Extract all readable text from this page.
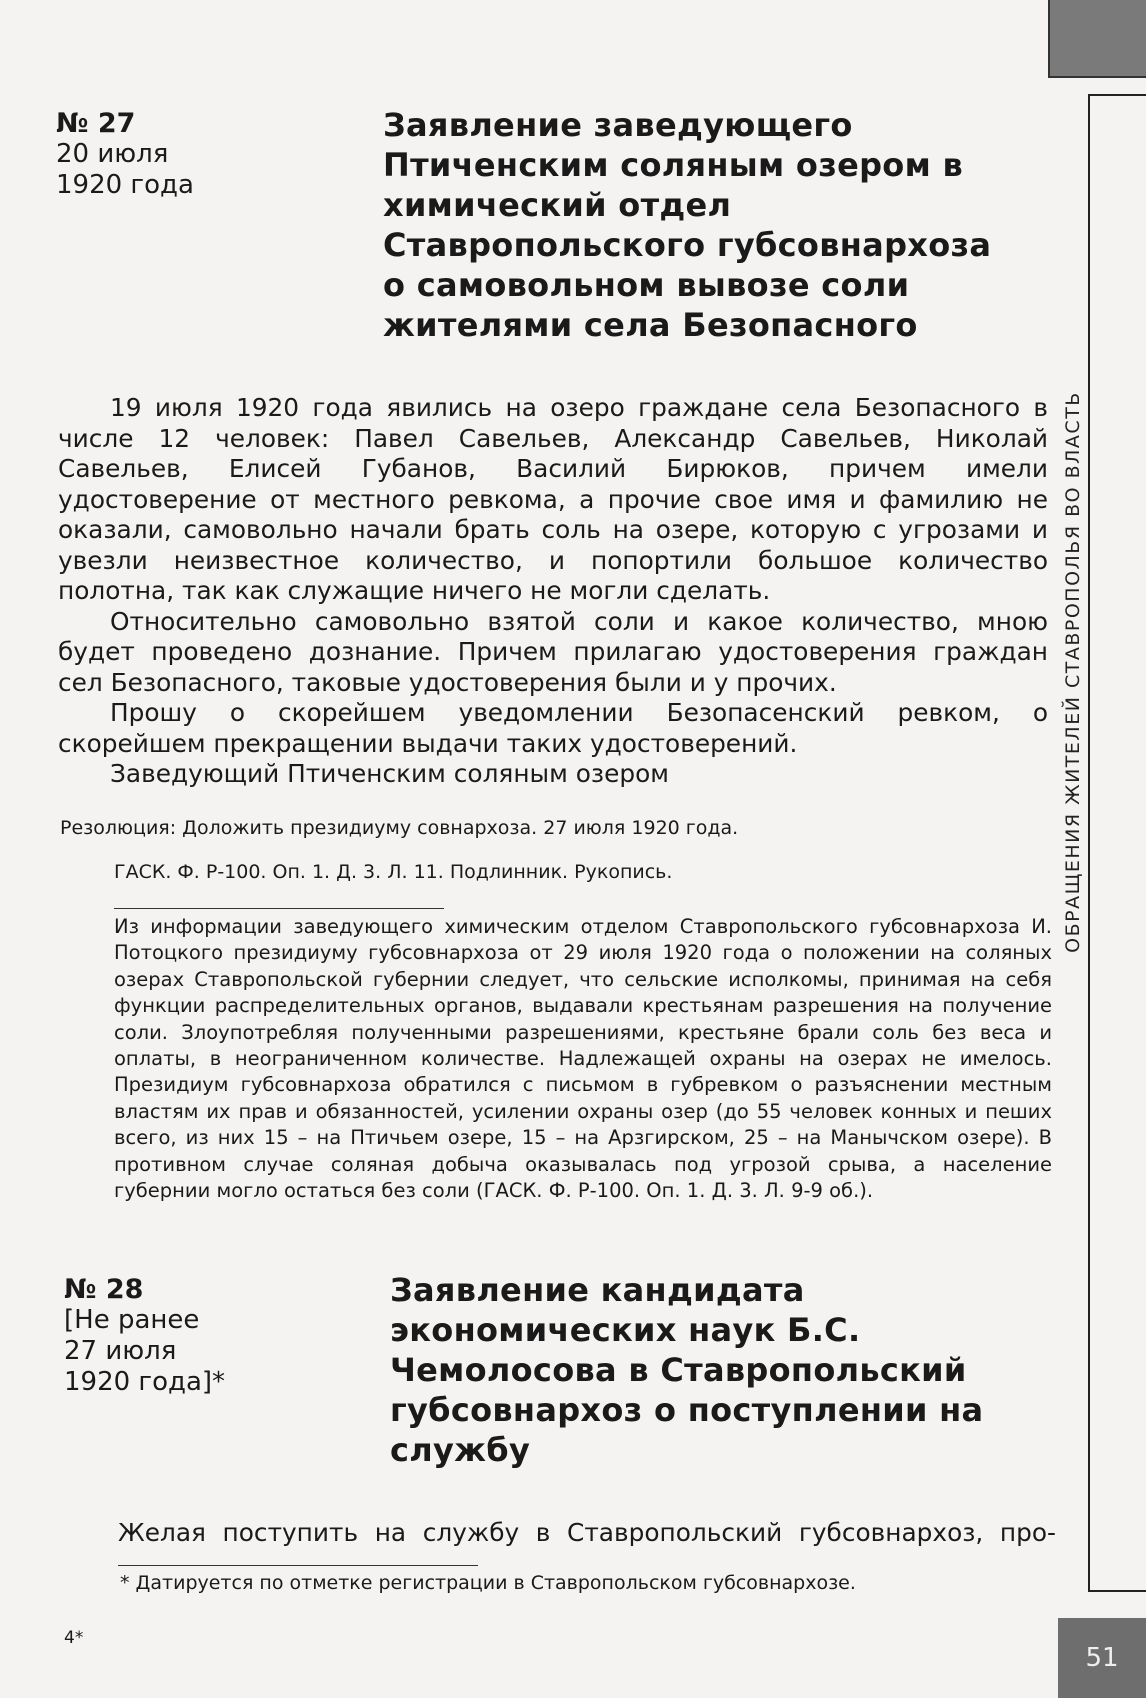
ОБРАЩЕНИЯ ЖИТЕЛЕЙ СТАВРОПОЛЬЯ ВО ВЛАСТЬ
51
№ 27
20 июля
1920 года
Заявление заведующего Птиченским соляным озером в химический отдел Ставропольского губсовнархоза о самовольном вывозе соли жителями села Безопасного

19 июля 1920 года явились на озеро граждане села Безопасного в числе 12 человек: Павел Савельев, Александр Савельев, Николай Савельев, Елисей Губанов, Василий Бирюков, причем имели удостоверение от местного ревкома, а прочие свое имя и фамилию не оказали, самовольно начали брать соль на озере, которую с угрозами и увезли неизвестное количество, и попортили большое количество полотна, так как служащие ничего не могли сделать.

Относительно самовольно взятой соли и какое количество, мною будет проведено дознание. Причем прилагаю удостоверения граждан сел Безопасного, таковые удостоверения были и у прочих.

Прошу о скорейшем уведомлении Безопасенский ревком, о скорейшем прекращении выдачи таких удостоверений.

Заведующий Птиченским соляным озером

Резолюция: Доложить президиуму совнархоза. 27 июля 1920 года.
ГАСК. Ф. Р-100. Оп. 1. Д. 3. Л. 11. Подлинник. Рукопись.
Из информации заведующего химическим отделом Ставропольского губсовнархоза И. Потоцкого президиуму губсовнархоза от 29 июля 1920 года о положении на соляных озерах Ставропольской губернии следует, что сельские исполкомы, принимая на себя функции распределительных органов, выдавали крестьянам разрешения на получение соли. Злоупотребляя полученными разрешениями, крестьяне брали соль без веса и оплаты, в неограниченном количестве. Надлежащей охраны на озерах не имелось. Президиум губсовнархоза обратился с письмом в губревком о разъяснении местным властям их прав и обязанностей, усилении охраны озер (до 55 человек конных и пеших всего, из них 15 – на Птичьем озере, 15 – на Арзгирском, 25 – на Манычском озере). В противном случае соляная добыча оказывалась под угрозой срыва, а население губернии могло остаться без соли (ГАСК. Ф. Р-100. Оп. 1. Д. 3. Л. 9-9 об.).
№ 28
[Не ранее
27 июля
1920 года]*
Заявление кандидата экономических наук Б.С. Чемолосова в Ставропольский губсовнархоз о поступлении на службу

Желая поступить на службу в Ставропольский губсовнархоз, про-

* Датируется по отметке регистрации в Ставропольском губсовнархозе.
4*
